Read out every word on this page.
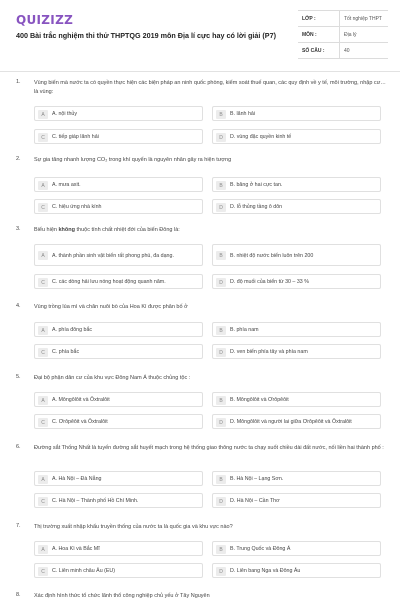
QUIZIZZ
400 Bài trắc nghiệm thi thử THPTQG 2019 môn Địa lí cực hay có lời giải (P7)
LỚP :	Tốt nghiệp THPT
MÔN :	Địa lý
SỐ CÂU :	40
1. Vùng biển mà nước ta có quyền thực hiện các biện pháp an ninh quốc phòng, kiểm soát thuế quan, các quy định về y tế, môi trường, nhập cư… là vùng:
A	A. nội thủy	B	B. lãnh hải
C	C. tiếp giáp lãnh hải	D	D. vùng đặc quyền kinh tế
2. Sự gia tăng nhanh lượng CO₂ trong khí quyển là nguyên nhân gây ra hiện tượng
A	A. mưa axit.	B	B. băng ở hai cực tan.
C	C. hiệu ứng nhà kính	D	D. lỗ thủng tầng ô dôn
3. Biểu hiện không thuộc tính chất nhiệt đới của biển Đông là:
A	A. thành phần sinh vật biển rất phong phú, đa dạng.	B	B. nhiệt độ nước biển luôn trên 200
C	C. các dòng hải lưu nóng hoạt động quanh năm.	D	D. độ muối của biển từ 30 – 33 %
4. Vùng trồng lúa mì và chăn nuôi bò của Hoa Kì được phân bố ở
A	A. phía đông bắc	B	B. phía nam
C	C. phía bắc	D	D. ven biển phía tây và phía nam
5. Đại bộ phận dân cư của khu vực Đông Nam Á thuộc chủng tộc :
A	A. Môngôlôit và Ôxtralôit	B	B. Môngôlôit và Ơrôpêôit
C	C. Ơrôpêôit và Ôxtralôit	D	D. Môngôlôit và người lai giữa Ơrôpêôit và Ôxtralôit
6. Đường sắt Thống Nhất là tuyến đường sắt huyết mạch trong hệ thống giao thông nước ta chạy suốt chiều dài đất nước, nối liền hai thành phố :
A	A. Hà Nội – Đà Nẵng	B	B. Hà Nội – Lạng Sơn.
C	C. Hà Nội – Thành phố Hồ Chí Minh.	D	D. Hà Nội – Cần Thơ
7. Thị trường xuất nhập khẩu truyền thống của nước ta là quốc gia và khu vực nào?
A	A. Hoa Kì và Bắc Mĩ	B	B. Trung Quốc và Đông Á
C	C. Liên minh châu Âu (EU)	D	D. Liên bang Nga và Đông Âu
8. Xác định hình thức tổ chức lãnh thổ công nghiệp chủ yếu ở Tây Nguyên
